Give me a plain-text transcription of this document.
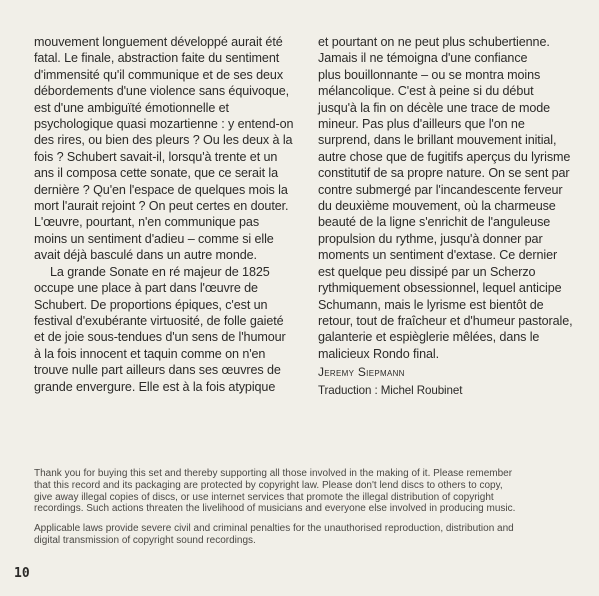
mouvement longuement développé aurait été
fatal. Le finale, abstraction faite du sentiment
d'immensité qu'il communique et de ses deux
débordements d'une violence sans équivoque,
est d'une ambiguïté émotionnelle et
psychologique quasi mozartienne : y entend-on
des rires, ou bien des pleurs ? Ou les deux à la
fois ? Schubert savait-il, lorsqu'à trente et un
ans il composa cette sonate, que ce serait la
dernière ? Qu'en l'espace de quelques mois la
mort l'aurait rejoint ? On peut certes en douter.
L'œuvre, pourtant, n'en communique pas
moins un sentiment d'adieu – comme si elle
avait déjà basculé dans un autre monde.
La grande Sonate en ré majeur de 1825
occupe une place à part dans l'œuvre de
Schubert. De proportions épiques, c'est un
festival d'exubérante virtuosité, de folle gaieté
et de joie sous-tendues d'un sens de l'humour
à la fois innocent et taquin comme on n'en
trouve nulle part ailleurs dans ses œuvres de
grande envergure. Elle est à la fois atypique
et pourtant on ne peut plus schubertienne.
Jamais il ne témoigna d'une confiance
plus bouillonnante – ou se montra moins
mélancolique. C'est à peine si du début
jusqu'à la fin on décèle une trace de mode
mineur. Pas plus d'ailleurs que l'on ne
surprend, dans le brillant mouvement initial,
autre chose que de fugitifs aperçus du lyrisme
constitutif de sa propre nature. On se sent par
contre submergé par l'incandescente ferveur
du deuxième mouvement, où la charmeuse
beauté de la ligne s'enrichit de l'anguleuse
propulsion du rythme, jusqu'à donner par
moments un sentiment d'extase. Ce dernier
est quelque peu dissipé par un Scherzo
rythmiquement obsessionnel, lequel anticipe
Schumann, mais le lyrisme est bientôt de
retour, tout de fraîcheur et d'humeur pastorale,
galanterie et espièglerie mêlées, dans le
malicieux Rondo final.
Jeremy Siepmann
Traduction : Michel Roubinet

Thank you for buying this set and thereby supporting all those involved in the making of it. Please remember
that this record and its packaging are protected by copyright law. Please don't lend discs to others to copy,
give away illegal copies of discs, or use internet services that promote the illegal distribution of copyright
recordings. Such actions threaten the livelihood of musicians and everyone else involved in producing music.

Applicable laws provide severe civil and criminal penalties for the unauthorised reproduction, distribution and
digital transmission of copyright sound recordings.

10
